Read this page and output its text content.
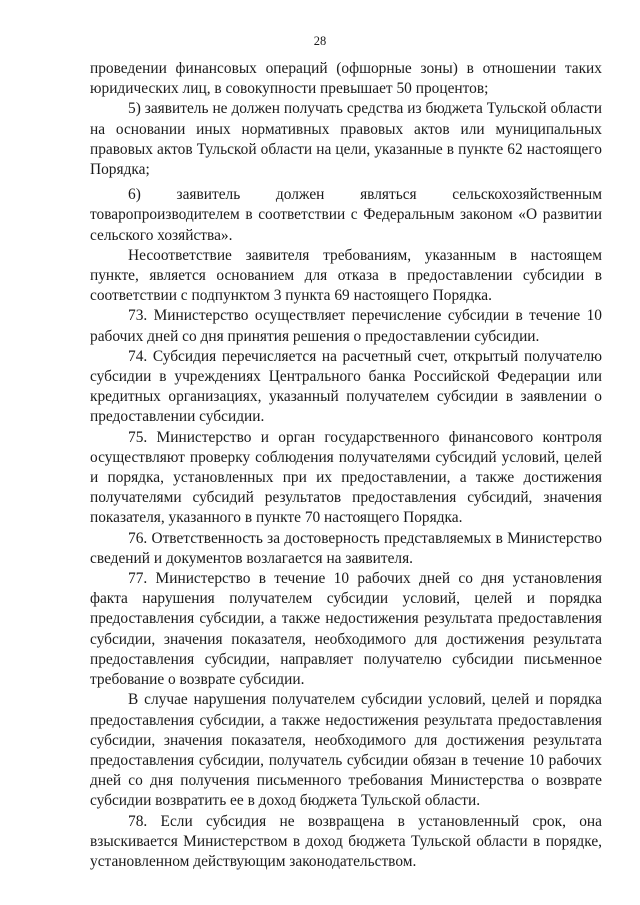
28

проведении финансовых операций (офшорные зоны) в отношении таких юридических лиц, в совокупности превышает 50 процентов;

5) заявитель не должен получать средства из бюджета Тульской области на основании иных нормативных правовых актов или муниципальных правовых актов Тульской области на цели, указанные в пункте 62 настоящего Порядка;

6) заявитель должен являться сельскохозяйственным товаропроизводителем в соответствии с Федеральным законом «О развитии сельского хозяйства».

Несоответствие заявителя требованиям, указанным в настоящем пункте, является основанием для отказа в предоставлении субсидии в соответствии с подпунктом 3 пункта 69 настоящего Порядка.

73. Министерство осуществляет перечисление субсидии в течение 10 рабочих дней со дня принятия решения о предоставлении субсидии.

74. Субсидия перечисляется на расчетный счет, открытый получателю субсидии в учреждениях Центрального банка Российской Федерации или кредитных организациях, указанный получателем субсидии в заявлении о предоставлении субсидии.

75. Министерство и орган государственного финансового контроля осуществляют проверку соблюдения получателями субсидий условий, целей и порядка, установленных при их предоставлении, а также достижения получателями субсидий результатов предоставления субсидий, значения показателя, указанного в пункте 70 настоящего Порядка.

76. Ответственность за достоверность представляемых в Министерство сведений и документов возлагается на заявителя.

77. Министерство в течение 10 рабочих дней со дня установления факта нарушения получателем субсидии условий, целей и порядка предоставления субсидии, а также недостижения результата предоставления субсидии, значения показателя, необходимого для достижения результата предоставления субсидии, направляет получателю субсидии письменное требование о возврате субсидии.

В случае нарушения получателем субсидии условий, целей и порядка предоставления субсидии, а также недостижения результата предоставления субсидии, значения показателя, необходимого для достижения результата предоставления субсидии, получатель субсидии обязан в течение 10 рабочих дней со дня получения письменного требования Министерства о возврате субсидии возвратить ее в доход бюджета Тульской области.

78. Если субсидия не возвращена в установленный срок, она взыскивается Министерством в доход бюджета Тульской области в порядке, установленном действующим законодательством.
